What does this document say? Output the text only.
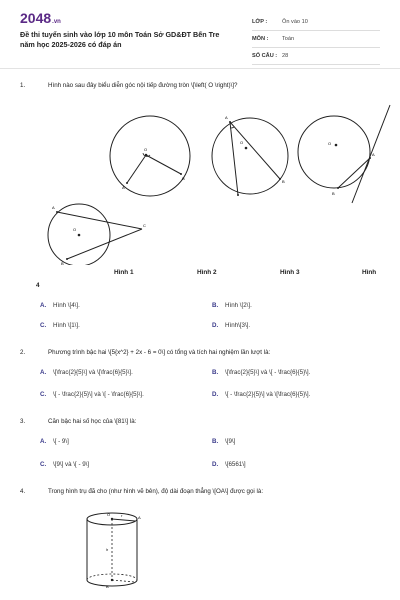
2048.vn
Đề thi tuyển sinh vào lớp 10 môn Toán Sở GD&ĐT Bến Tre năm học 2025-2026 có đáp án
LỚP :	Ôn vào 10
MÔN :	Toán
SỐ CÂU : 28
1.	Hình nào sau đây biểu diễn góc nội tiếp đường tròn \[\left( O \right)\]?
O
A
B
O
A
B
O
A
B
O
A
C
B
Hình 1	Hình 2	Hình 3	Hình
4
A.	Hình \[4\].	B.	Hình \[2\].
C.	Hình \[1\].	D.	Hình\[3\].
2.	Phương trình bậc hai \[5{x^2} + 2x - 6 = 0\] có tổng và tích hai nghiệm lần lượt là:
A.	\[\frac{2}{5}\] và \[\frac{6}{5}\].	B.	\[\frac{2}{5}\] và \[ - \frac{6}{5}\].
C.	\[ - \frac{2}{5}\] và \[ - \frac{6}{5}\].	D.	\[ - \frac{2}{5}\] và \[\frac{6}{5}\].
3.	Căn bậc hai số học của \[81\] là:
A.	\[ - 9\]	B.	\[9\]
C.	\[9\] và \[ - 9\]	D.	\[6561\]
4.	Trong hình trụ đã cho (như hình vẽ bên), độ dài đoạn thẳng \[OA\] được gọi là:
O	r
h
A
B
